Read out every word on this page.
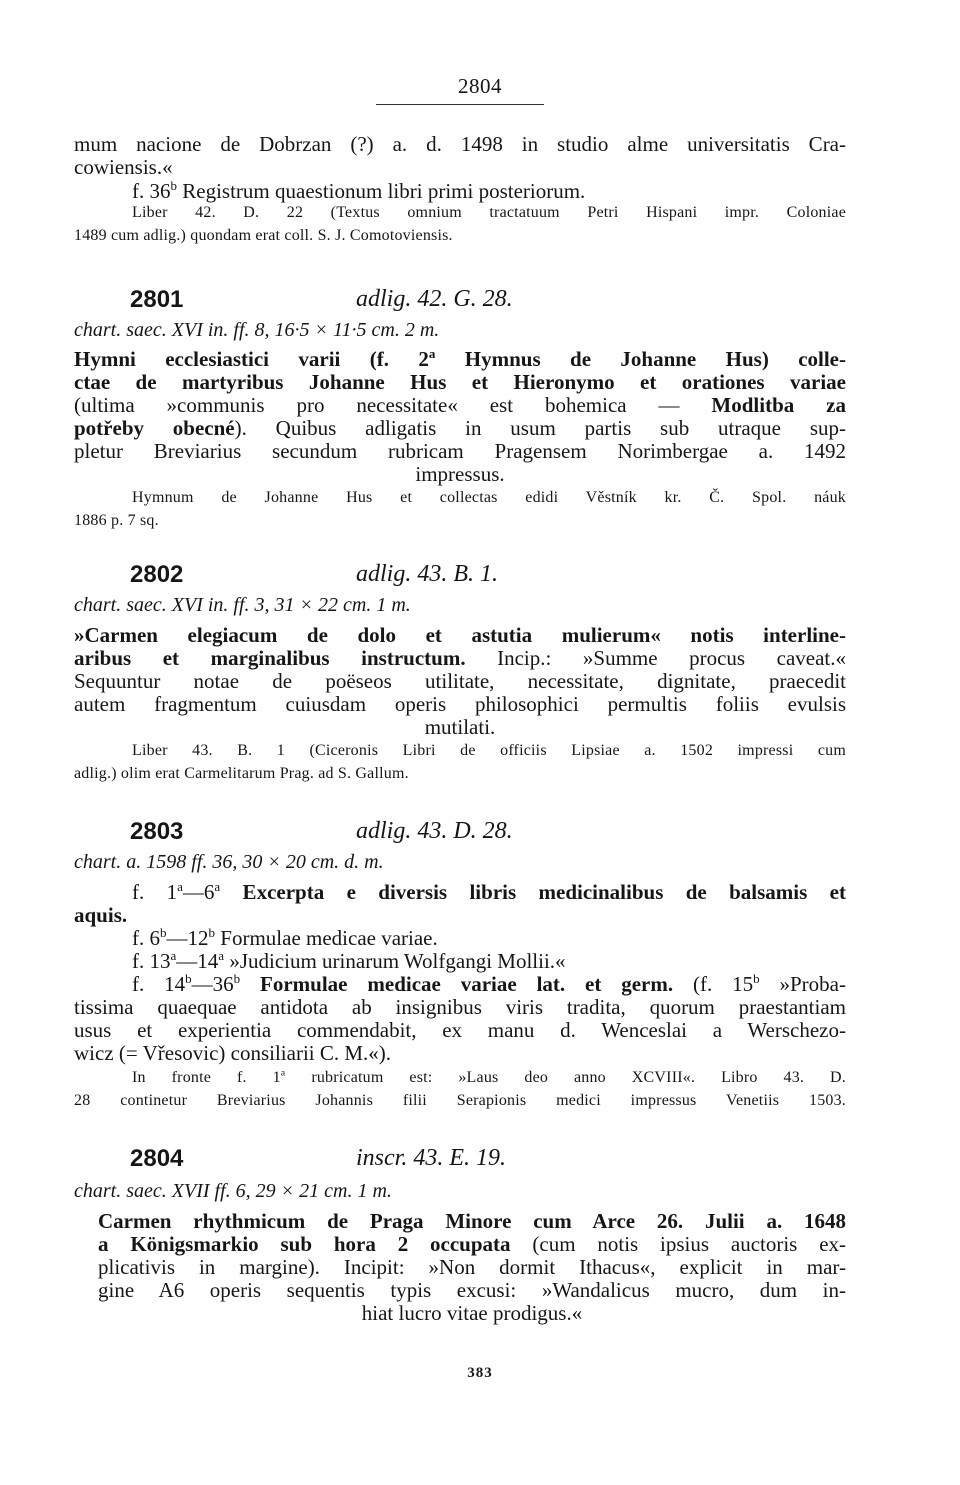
2804
mum nacione de Dobrzan (?) a. d. 1498 in studio alme universitatis Cra-
cowiensis.«
f. 36$^b$ Registrum quaestionum libri primi posteriorum.
Liber 42. D. 22 (Textus omnium tractatuum Petri Hispani impr. Coloniae
1489 cum adlig.) quondam erat coll. S. J. Comotoviensis.
2801	adlig. 42. G. 28.
chart. saec. XVI in. ff. 8, 16·5 × 11·5 cm. 2 m.
Hymni ecclesiastici varii (f. 2$^a$ Hymnus de Johanne Hus) colle-
ctae de martyribus Johanne Hus et Hieronymo et orationes variae
(ultima »communis pro necessitate« est bohemica — Modlitba za
potřeby obecné). Quibus adligatis in usum partis sub utraque sup-
pletur Breviarius secundum rubricam Pragensem Norimbergae a. 1492
impressus.
Hymnum de Johanne Hus et collectas edidi Věstník kr. Č. Spol. náuk
1886 p. 7 sq.
2802	adlig. 43. B. 1.
chart. saec. XVI in. ff. 3, 31 × 22 cm. 1 m.
»Carmen elegiacum de dolo et astutia mulierum« notis interline-
aribus et marginalibus instructum. Incip.: »Summe procus caveat.«
Sequuntur notae de poëseos utilitate, necessitate, dignitate, praecedit
autem fragmentum cuiusdam operis philosophici permultis foliis evulsis
mutilati.
Liber 43. B. 1 (Ciceronis Libri de officiis Lipsiae a. 1502 impressi cum
adlig.) olim erat Carmelitarum Prag. ad S. Gallum.
2803	adlig. 43. D. 28.
chart. a. 1598 ff. 36, 30 × 20 cm. d. m.
f. 1$^a$—6$^a$ Excerpta e diversis libris medicinalibus de balsamis et
aquis.
f. 6$^b$—12$^b$ Formulae medicae variae.
f. 13$^a$—14$^a$ »Judicium urinarum Wolfgangi Mollii.«
f. 14$^b$—36$^b$ Formulae medicae variae lat. et germ. (f. 15$^b$ »Proba-
tissima quaequae antidota ab insignibus viris tradita, quorum praestantiam
usus et experientia commendabit, ex manu d. Wenceslai a Werschezo-
wicz (= Vřesovic) consiliarii C. M.«).
In fronte f. 1$^a$ rubricatum est: »Laus deo anno XCVIII«. Libro 43. D.
28 continetur Breviarius Johannis filii Serapionis medici impressus Venetiis 1503.
2804	inscr. 43. E. 19.
chart. saec. XVII ff. 6, 29 × 21 cm. 1 m.
Carmen rhythmicum de Praga Minore cum Arce 26. Julii a. 1648
a Königsmarkio sub hora 2 occupata (cum notis ipsius auctoris ex-
plicativis in margine). Incipit: »Non dormit Ithacus«, explicit in mar-
gine A6 operis sequentis typis excusi: »Wandalicus mucro, dum in-
hiat lucro vitae prodigus.«
383
